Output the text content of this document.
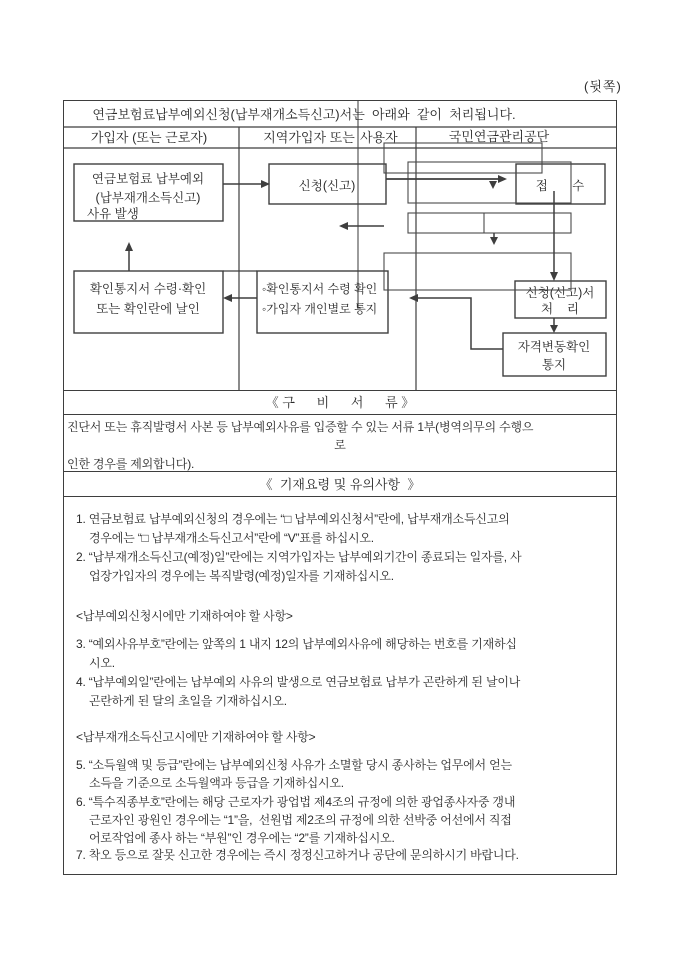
(뒷쪽)
연금보험료납부예외신청(납부재개소득신고)서는  아래와  같이  처리됩니다.
가입자 (또는 근로자)	지역가입자 또는 사용자	국민연금관리공단
연금보험료 납부예외
(납부재개소득신고)
사유 발생
신청(신고)	접       수
신청(신고)서
처    리
자격변동확인
통지
◦확인통지서 수령 확인
◦가입자 개인별로 통지
확인통지서 수령·확인
또는 확인란에 날인
《 구      비      서      류 》
진단서 또는 휴직발령서 사본 등 납부예외사유를 입증할 수 있는 서류 1부(병역의무의 수행으
로
인한 경우를 제외합니다).
《  기재요령 및 유의사항  》
1. 연금보험료 납부예외신청의 경우에는 “□ 납부예외신청서”란에, 납부재개소득신고의
경우에는 “□ 납부재개소득신고서”란에 “V”표를 하십시오.
2. “납부재개소득신고(예정)일”란에는 지역가입자는 납부예외기간이 종료되는 일자를, 사
업장가입자의 경우에는 복직발령(예정)일자를 기재하십시오.
<납부예외신청시에만 기재하여야 할 사항>
3. “예외사유부호”란에는 앞쪽의 1 내지 12의 납부예외사유에 해당하는 번호를 기재하십
시오.
4. “납부예외일”란에는 납부예외 사유의 발생으로 연금보험료 납부가 곤란하게 된 날이나
곤란하게 된 달의 초일을 기재하십시오.
<납부재개소득신고시에만 기재하여야 할 사항>
5. “소득월액 및 등급”란에는 납부예외신청 사유가 소멸할 당시 종사하는 업무에서 얻는
소득을 기준으로 소득월액과 등급을 기재하십시오.
6. “특수직종부호”란에는 해당 근로자가 광업법 제4조의 규정에 의한 광업종사자중 갱내
근로자인 광원인 경우에는 “1”을,  선원법 제2조의 규정에 의한 선박중 어선에서 직접
어로작업에 종사 하는 “부원”인 경우에는 “2”를 기재하십시오.
7. 착오 등으로 잘못 신고한 경우에는 즉시 정정신고하거나 공단에 문의하시기 바랍니다.
